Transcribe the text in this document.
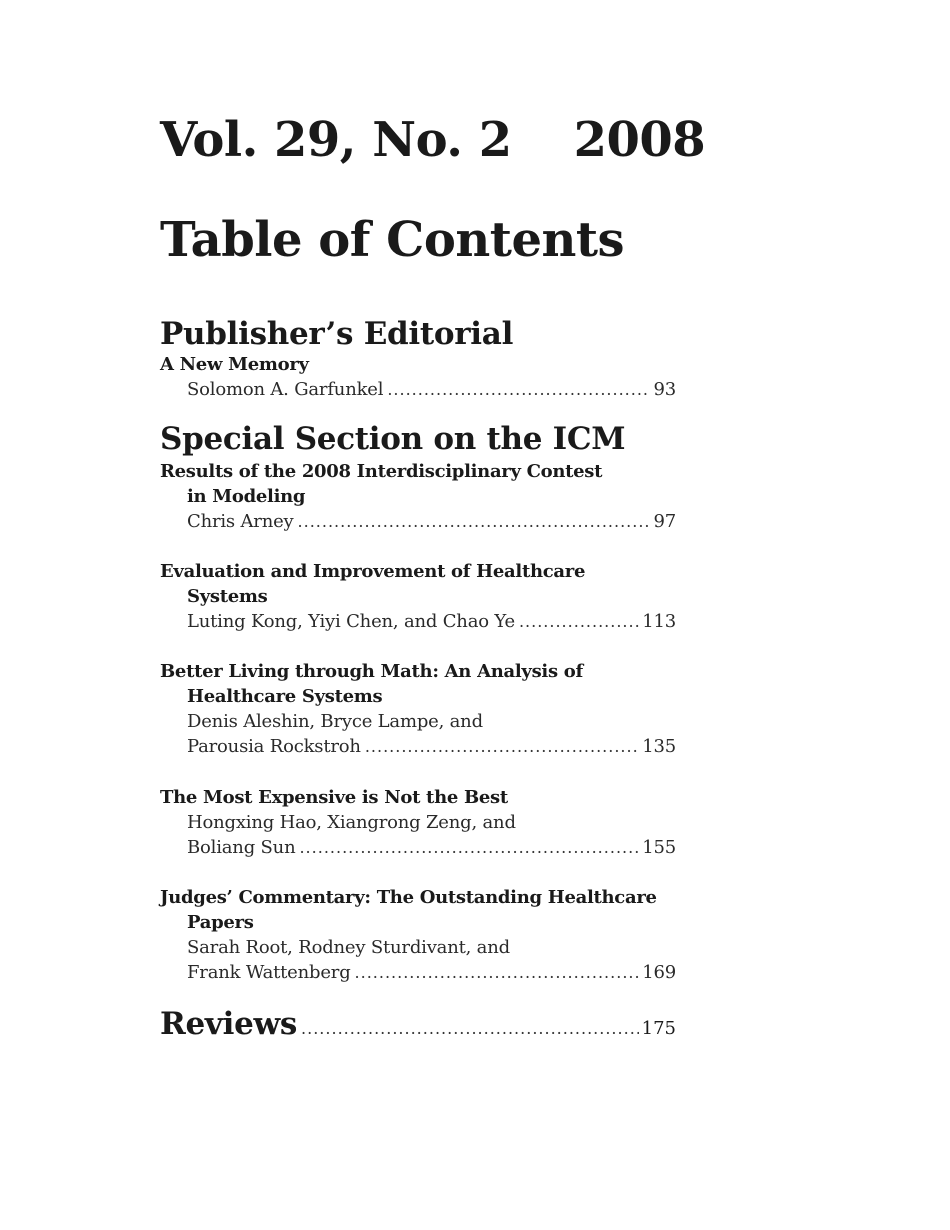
Vol. 29, No. 2 2008
Table of Contents
Publisher’s Editorial
A New Memory
Solomon A. Garfunkel .....	93
Special Section on the ICM
Results of the 2008 Interdisciplinary Contest
in Modeling
Chris Arney .....	97
Evaluation and Improvement of Healthcare
Systems
Luting Kong, Yiyi Chen, and Chao Ye .....	113
Better Living through Math: An Analysis of
Healthcare Systems
Denis Aleshin, Bryce Lampe, and
Parousia Rockstroh .....	135
The Most Expensive is Not the Best
Hongxing Hao, Xiangrong Zeng, and
Boliang Sun .....	155
Judges’ Commentary: The Outstanding Healthcare
Papers
Sarah Root, Rodney Sturdivant, and
Frank Wattenberg .....	169
Reviews .....	175
